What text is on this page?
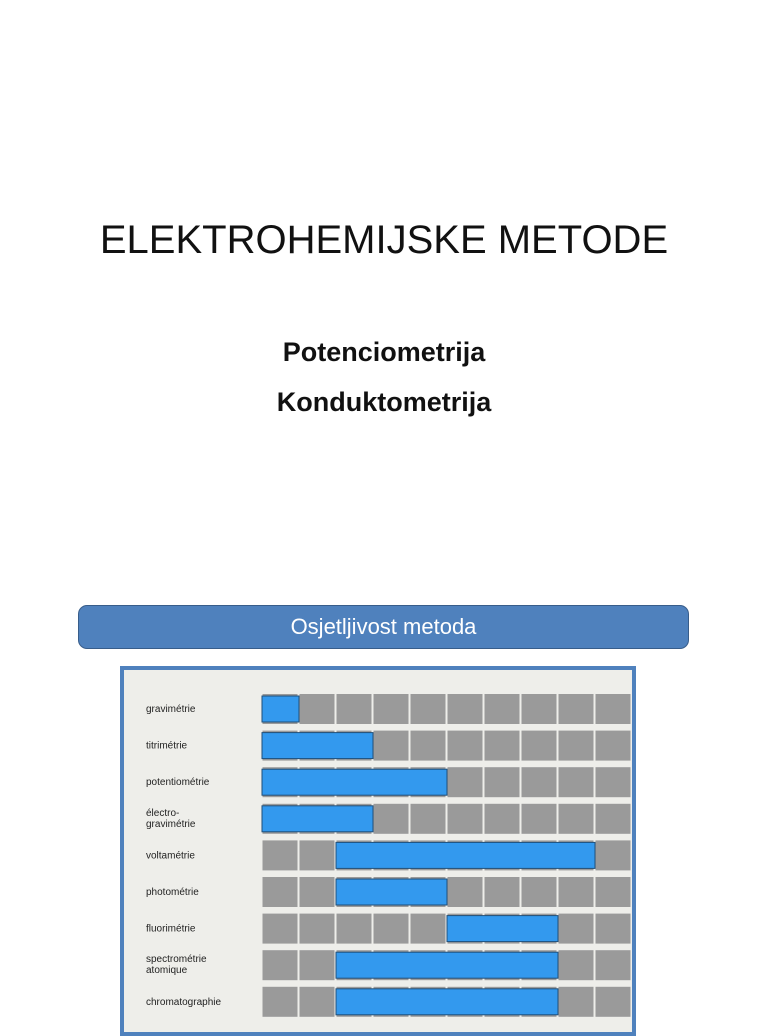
ELEKTROHEMIJSKE METODE
Potenciometrija
Konduktometrija
Osjetljivost metoda
gravimétrie
titrimétrie
potentiométrie
électro-gravimétrie
voltamétrie
photométrie
fluorimétrie
spectrométrie atomique
chromatographie
